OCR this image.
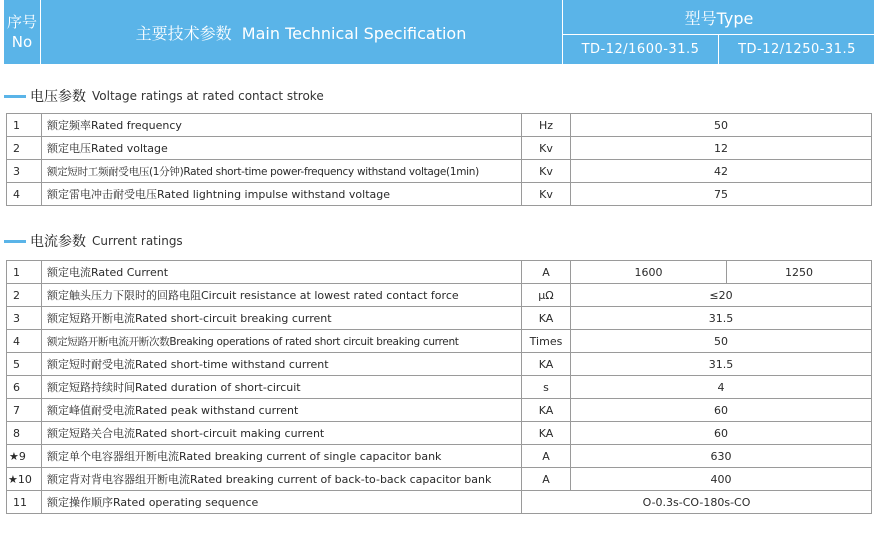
序号
No	主要技术参数  Main Technical Specification
型号Type
TD-12/1600-31.5	TD-12/1250-31.5
电压参数 Voltage ratings at rated contact stroke
1	额定频率Rated frequency	Hz	50
2	额定电压Rated voltage	Kv	12
3	额定短时工频耐受电压(1分钟)Rated short-time power-frequency withstand voltage(1min)	Kv	42
4	额定雷电冲击耐受电压Rated lightning impulse withstand voltage	Kv	75
电流参数 Current ratings
1	额定电流Rated Current	A	1600	1250
2	额定触头压力下限时的回路电阻Circuit resistance at lowest rated contact force	μΩ	≤20	
3	额定短路开断电流Rated short-circuit breaking current	KA	31.5	
4	额定短路开断电流开断次数Breaking operations of rated short circuit breaking current	Times	50	
5	额定短时耐受电流Rated short-time withstand current	KA	31.5	
6	额定短路持续时间Rated duration of short-circuit	s	4	
7	额定峰值耐受电流Rated peak withstand current	KA	60	
8	额定短路关合电流Rated short-circuit making current	KA	60	
★9	额定单个电容器组开断电流Rated breaking current of single capacitor bank	A	630	
★10	额定背对背电容器组开断电流Rated breaking current of back-to-back capacitor bank	A	400	
11	额定操作顺序Rated operating sequence	O-0.3s-CO-180s-CO		
